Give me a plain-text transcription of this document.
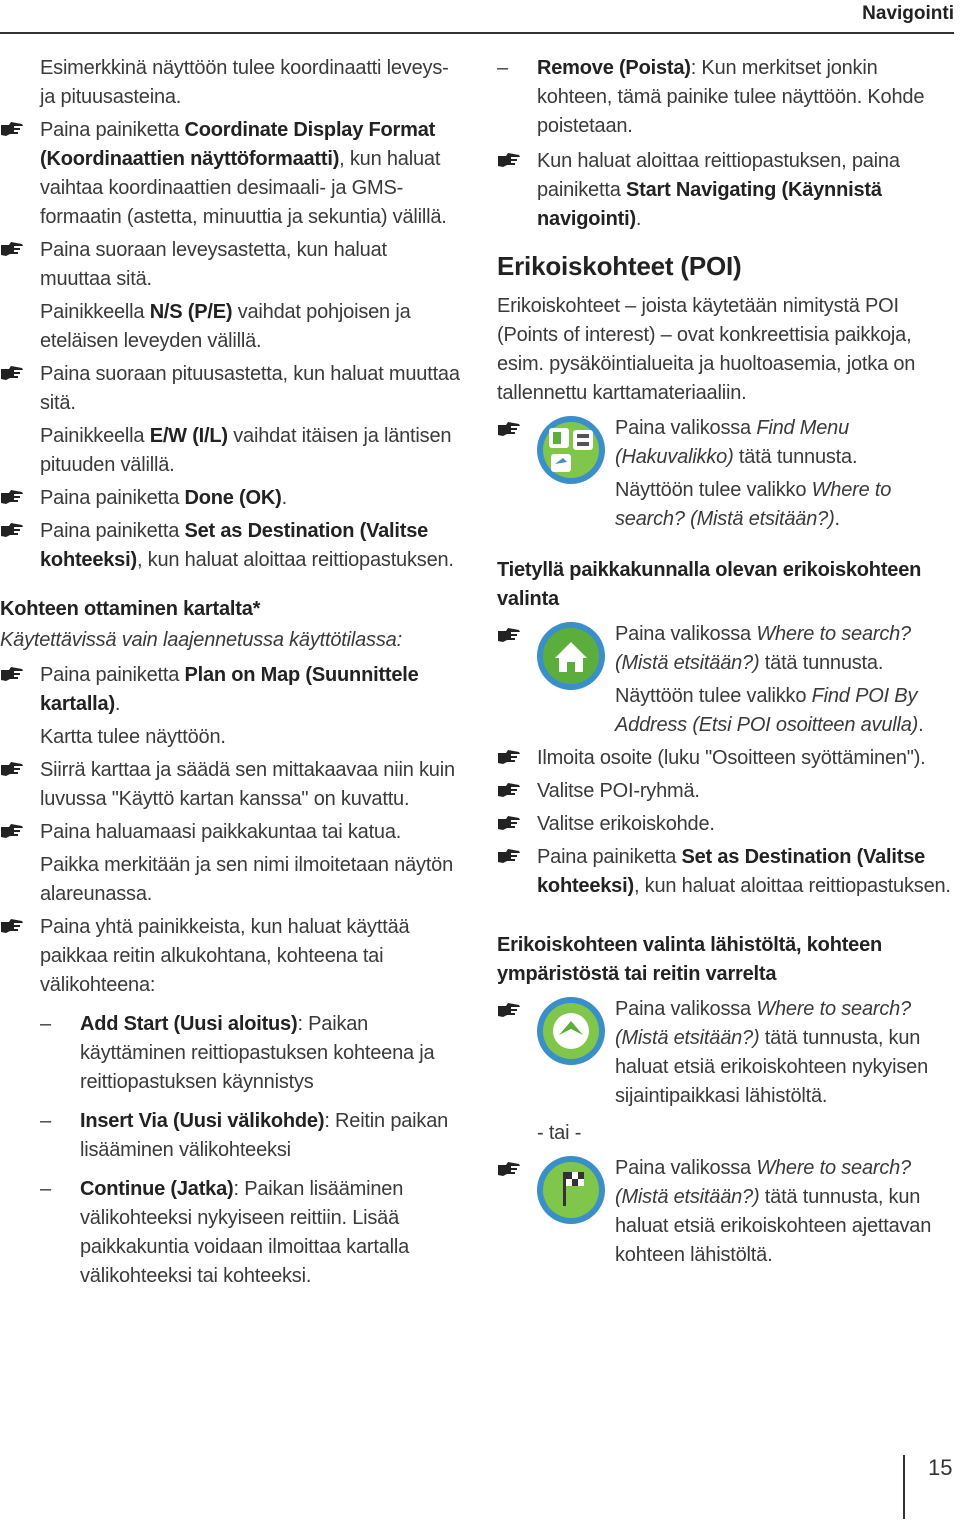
Navigointi

Esimerkkinä näyttöön tulee koordinaatti leveys- ja pituusasteina.

Paina painiketta Coordinate Display Format (Koordinaattien näyttöformaatti), kun haluat vaihtaa koordinaattien desimaali- ja GMS-formaatin (astetta, minuuttia ja sekuntia) välillä.
Paina suoraan leveysastetta, kun haluat muuttaa sitä.

Painikkeella N/S (P/E) vaihdat pohjoisen ja eteläisen leveyden välillä.

Paina suoraan pituusastetta, kun haluat muuttaa sitä.

Painikkeella E/W (I/L) vaihdat itäisen ja läntisen pituuden välillä.

Paina painiketta Done (OK).
Paina painiketta Set as Destination (Valitse kohteeksi), kun haluat aloittaa reittiopastuksen.
Kohteen ottaminen kartalta*
Käytettävissä vain laajennetussa käyttötilassa:
Paina painiketta Plan on Map (Suunnittele kartalla).

Kartta tulee näyttöön.

Siirrä karttaa ja säädä sen mittakaavaa niin kuin luvussa "Käyttö kartan kanssa" on kuvattu.
Paina haluamaasi paikkakuntaa tai katua.

Paikka merkitään ja sen nimi ilmoitetaan näytön alareunassa.

Paina yhtä painikkeista, kun haluat käyttää paikkaa reitin alkukohtana, kohteena tai välikohteena:
– Add Start (Uusi aloitus): Paikan käyttäminen reittiopastuksen kohteena ja reittiopastuksen käynnistys
– Insert Via (Uusi välikohde): Reitin paikan lisääminen välikohteeksi
– Continue (Jatka): Paikan lisääminen välikohteeksi nykyiseen reittiin. Lisää paikkakuntia voidaan ilmoittaa kartalla välikohteeksi tai kohteeksi.
– Remove (Poista): Kun merkitset jonkin kohteen, tämä painike tulee näyttöön. Kohde poistetaan.
Kun haluat aloittaa reittiopastuksen, paina painiketta Start Navigating (Käynnistä navigointi).
Erikoiskohteet (POI)

Erikoiskohteet – joista käytetään nimitystä POI (Points of interest) – ovat konkreettisia paikkoja, esim. pysäköintialueita ja huoltoasemia, jotka on tallennettu karttamateriaaliin.

Paina valikossa Find Menu (Hakuvalikko) tätä tunnusta.
Näyttöön tulee valikko Where to search? (Mistä etsitään?).
Tietyllä paikkakunnalla olevan erikoiskohteen valinta
Paina valikossa Where to search? (Mistä etsitään?) tätä tunnusta.
Näyttöön tulee valikko Find POI By Address (Etsi POI osoitteen avulla).
Ilmoita osoite (luku "Osoitteen syöttäminen").
Valitse POI-ryhmä.
Valitse erikoiskohde.
Paina painiketta Set as Destination (Valitse kohteeksi), kun haluat aloittaa reittiopastuksen.
Erikoiskohteen valinta lähistöltä, kohteen ympäristöstä tai reitin varrelta
Paina valikossa Where to search? (Mistä etsitään?) tätä tunnusta, kun haluat etsiä erikoiskohteen nykyisen sijaintipaikkasi lähistöltä.
- tai -
Paina valikossa Where to search? (Mistä etsitään?) tätä tunnusta, kun haluat etsiä erikoiskohteen ajettavan kohteen lähistöltä.
15
